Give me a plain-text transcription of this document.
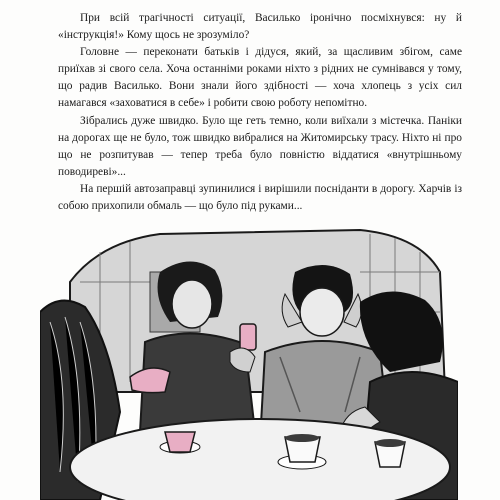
При всій трагічності ситуації, Василько іронічно посміхнувся: ну й «інструкція!» Кому щось не зрозуміло?

Головне — переконати батьків і дідуся, який, за щасливим збігом, саме приїхав зі свого села. Хоча останніми роками ніхто з рідних не сумнівався у тому, що радив Василько. Вони знали його здібності — хоча хлопець з усіх сил намагався «заховатися в себе» і робити свою роботу непомітно.

Зібрались дуже швидко. Було ще геть темно, коли виїхали з містечка. Паніки на дорогах ще не було, тож швидко вибралися на Житомирську трасу. Ніхто ні про що не розпитував — тепер треба було повністю віддатися «внутрішньому поводиреві»...

На першій автозаправці зупинилися і вирішили посніданти в дорогу. Харчів із собою прихопили обмаль — що було під руками...
